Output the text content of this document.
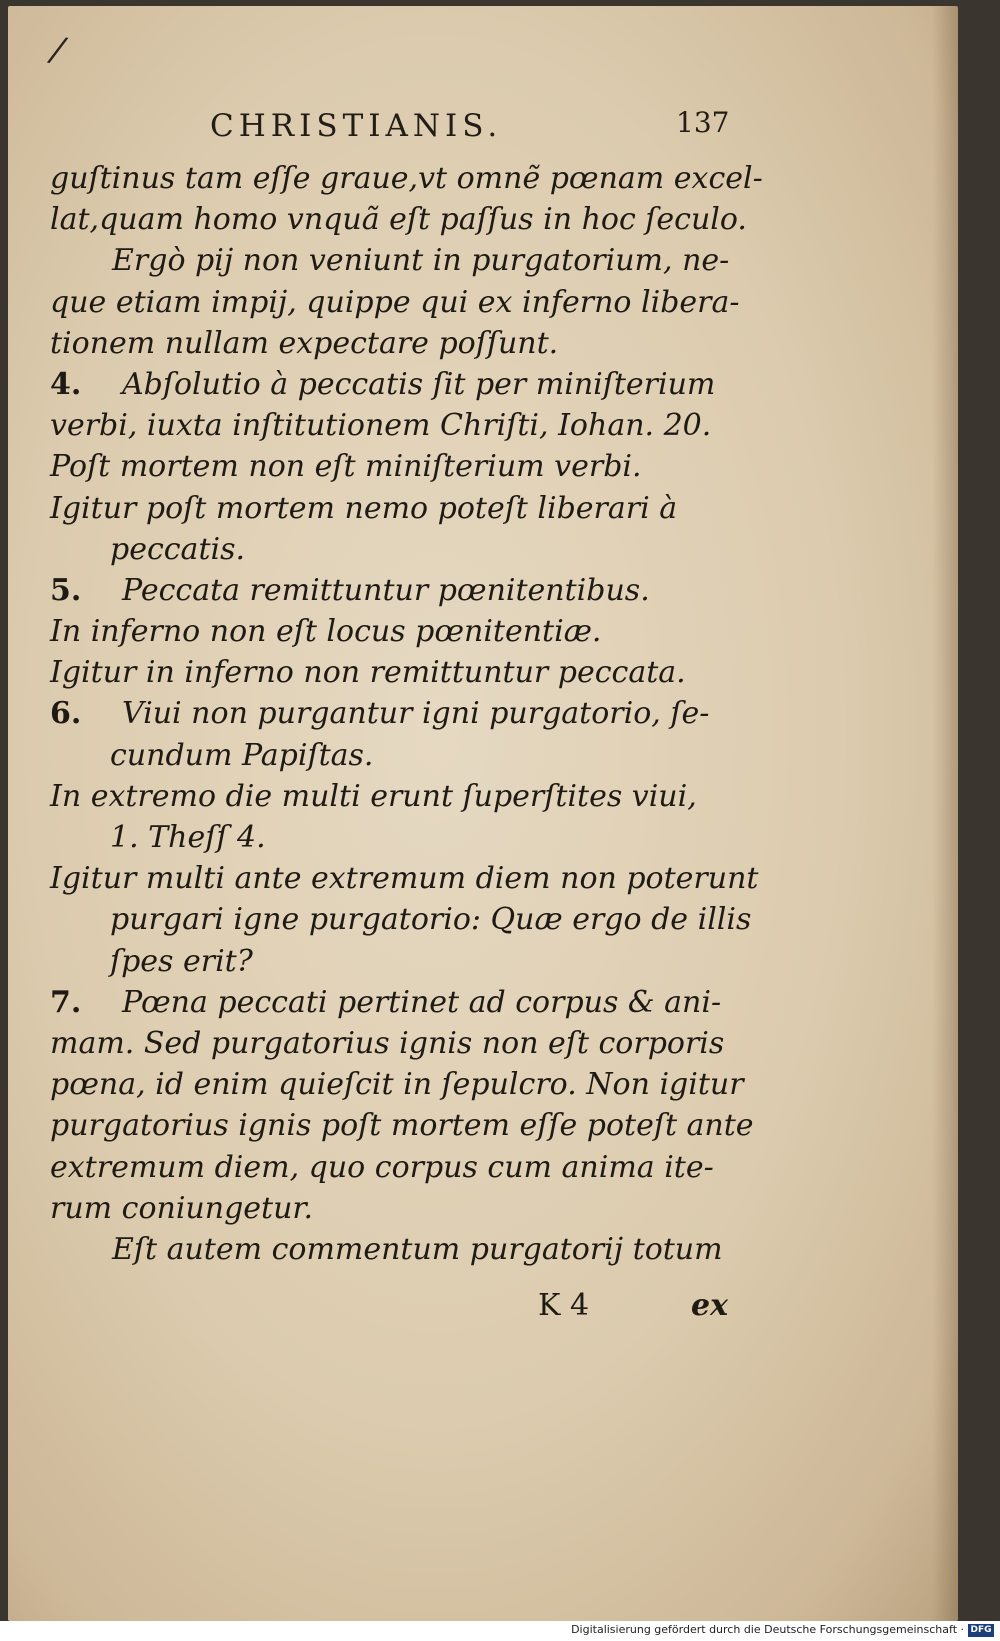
/
CHRISTIANIS.	137
guſtinus tam eſſe graue,vt omnẽ pœnam excel-
lat,quam homo vnquã eſt paſſus in hoc ſeculo.
Ergò pij non veniunt in purgatorium, ne-
que etiam impij, quippe qui ex inferno libera-
tionem nullam expectare poſſunt.
4. Abſolutio à peccatis ſit per miniſterium
verbi, iuxta inſtitutionem Chriſti, Iohan. 20.
Poſt mortem non eſt miniſterium verbi.
Igitur poſt mortem nemo poteſt liberari à
peccatis.
5. Peccata remittuntur pœnitentibus.
In inferno non eſt locus pœnitentiæ.
Igitur in inferno non remittuntur peccata.
6. Viui non purgantur igni purgatorio, ſe-
cundum Papiſtas.
In extremo die multi erunt ſuperſtites viui,
1. Theſſ 4.
Igitur multi ante extremum diem non poterunt
purgari igne purgatorio: Quæ ergo de illis
ſpes erit?
7. Pœna peccati pertinet ad corpus & ani-
mam. Sed purgatorius ignis non eſt corporis
pœna, id enim quieſcit in ſepulcro. Non igitur
purgatorius ignis poſt mortem eſſe poteſt ante
extremum diem, quo corpus cum anima ite-
rum coniungetur.
Eſt autem commentum purgatorij totum
K 4	ex
Digitalisierung gefördert durch die Deutsche Forschungsgemeinschaft · DFG
